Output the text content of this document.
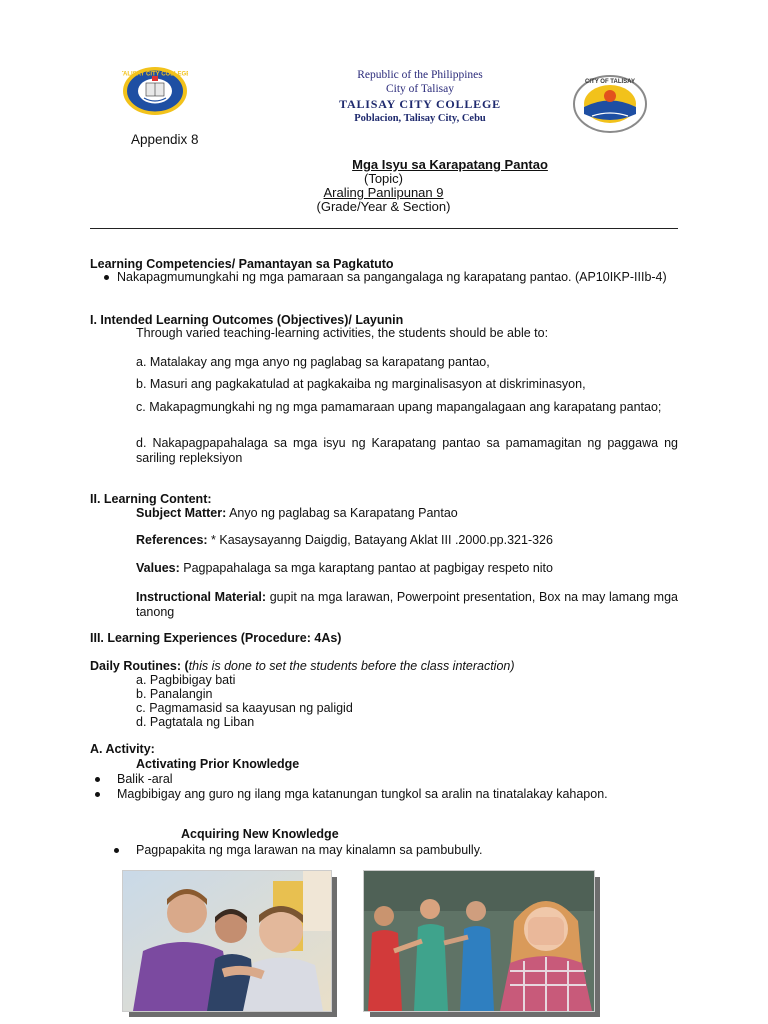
TALISAY CITY COLLEGE	Republic of the Philippines
City of Talisay
TALISAY CITY COLLEGE
Poblacion, Talisay City, Cebu
CITY OF TALISAY
Appendix 8
Mga Isyu sa Karapatang Pantao
(Topic)
Araling Panlipunan 9
(Grade/Year & Section)
Learning Competencies/ Pamantayan sa Pagkatuto
Nakapagmumungkahi ng mga pamaraan sa pangangalaga ng karapatang pantao. (AP10IKP-IIIb-4)
I. Intended Learning Outcomes (Objectives)/ Layunin
Through varied teaching-learning activities, the students should be able to:
a. Matalakay ang mga anyo ng paglabag sa karapatang pantao,
b. Masuri ang pagkakatulad at pagkakaiba ng marginalisasyon at diskriminasyon,
c. Makapagmungkahi ng ng mga pamamaraan upang mapangalagaan ang karapatang pantao;
d. Nakapagpapahalaga sa mga isyu ng Karapatang pantao sa pamamagitan ng paggawa ng sariling repleksiyon
II. Learning Content:
Subject Matter: Anyo ng paglabag sa Karapatang Pantao
References: * Kasaysayanng Daigdig, Batayang Aklat III .2000.pp.321-326
Values: Pagpapahalaga sa mga karaptang pantao at pagbigay respeto nito
Instructional Material: gupit na mga larawan, Powerpoint presentation, Box na may lamang mga tanong
III. Learning Experiences (Procedure: 4As)
Daily Routines: (this is done to set the students before the class interaction)
a. Pagbibigay bati
b. Panalangin
c. Pagmamasid sa kaayusan ng paligid
d. Pagtatala ng Liban
A. Activity:
Activating Prior Knowledge
Balik -aral
Magbibigay ang guro ng ilang mga katanungan tungkol sa aralin na tinatalakay kahapon.
Acquiring New Knowledge
Pagpapakita ng mga larawan na may kinalamn sa pambubully.
